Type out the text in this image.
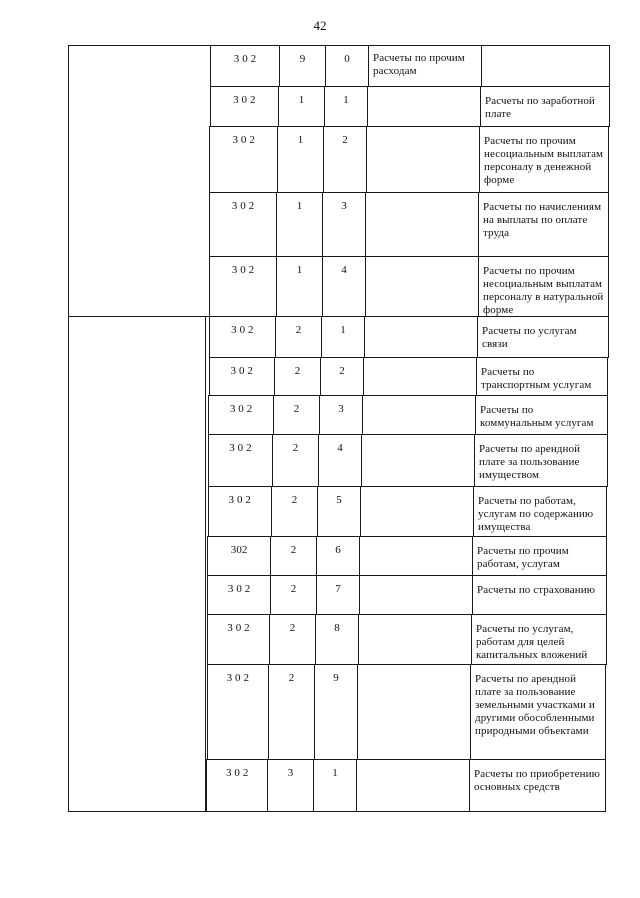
42
3 0 2	9	0	Расчеты по прочим расходам
3 0 2	1	1	Расчеты по заработной плате
3 0 2	1	2	Расчеты по прочим несоциальным выплатам персоналу в денежной форме
3 0 2	1	3	Расчеты по начислениям на выплаты по оплате труда
3 0 2	1	4	Расчеты по прочим несоциальным выплатам персоналу в натуральной форме
3 0 2	2	1	Расчеты по услугам связи
3 0 2	2	2	Расчеты по транспортным услугам
3 0 2	2	3	Расчеты по коммунальным услугам
3 0 2	2	4	Расчеты по арендной плате за пользование имуществом
3 0 2	2	5	Расчеты по работам, услугам по содержанию имущества
302	2	6	Расчеты по прочим работам, услугам
3 0 2	2	7	Расчеты по страхованию
3 0 2	2	8	Расчеты по услугам, работам для целей капитальных вложений
3 0 2	2	9	Расчеты по арендной плате за пользование земельными участками и другими обособленными природными объектами
3 0 2	3	1	Расчеты по приобретению основных средств
